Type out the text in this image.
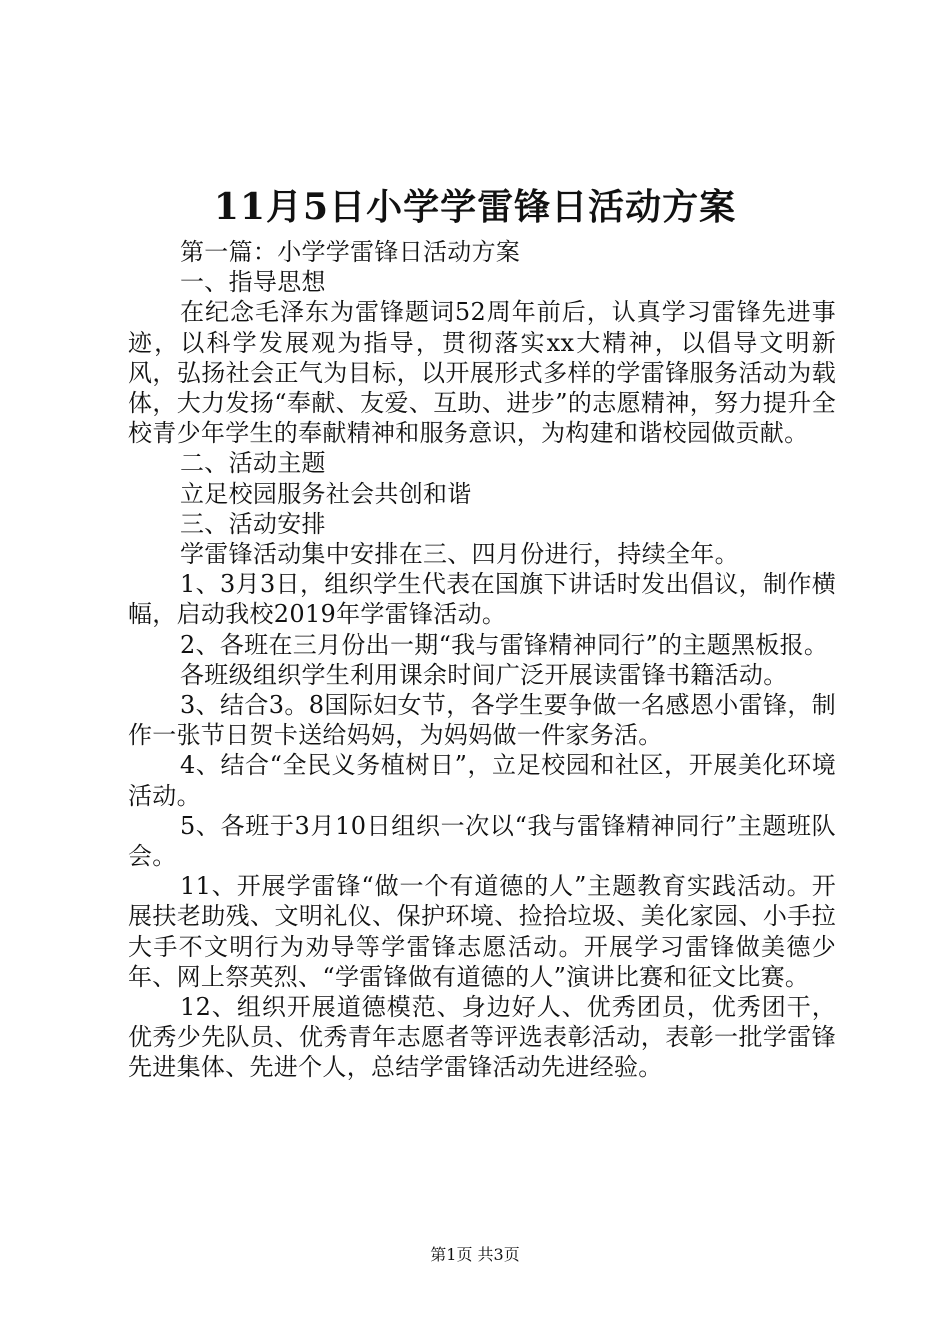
11月5日小学学雷锋日活动方案

第一篇：小学学雷锋日活动方案

一、指导思想

在纪念毛泽东为雷锋题词52周年前后，认真学习雷锋先进事迹，以科学发展观为指导，贯彻落实xx大精神，以倡导文明新风，弘扬社会正气为目标，以开展形式多样的学雷锋服务活动为载体，大力发扬“奉献、友爱、互助、进步”的志愿精神，努力提升全校青少年学生的奉献精神和服务意识，为构建和谐校园做贡献。

二、活动主题

立足校园服务社会共创和谐

三、活动安排

学雷锋活动集中安排在三、四月份进行，持续全年。

1、3月3日，组织学生代表在国旗下讲话时发出倡议，制作横幅，启动我校2019年学雷锋活动。

2、各班在三月份出一期“我与雷锋精神同行”的主题黑板报。

各班级组织学生利用课余时间广泛开展读雷锋书籍活动。

3、结合3。8国际妇女节，各学生要争做一名感恩小雷锋，制作一张节日贺卡送给妈妈，为妈妈做一件家务活。

4、结合“全民义务植树日”，立足校园和社区，开展美化环境活动。

5、各班于3月10日组织一次以“我与雷锋精神同行”主题班队会。

11、开展学雷锋“做一个有道德的人”主题教育实践活动。开展扶老助残、文明礼仪、保护环境、捡拾垃圾、美化家园、小手拉大手不文明行为劝导等学雷锋志愿活动。开展学习雷锋做美德少年、网上祭英烈、“学雷锋做有道德的人”演讲比赛和征文比赛。

12、组织开展道德模范、身边好人、优秀团员，优秀团干，优秀少先队员、优秀青年志愿者等评选表彰活动，表彰一批学雷锋先进集体、先进个人，总结学雷锋活动先进经验。

第1页 共3页
